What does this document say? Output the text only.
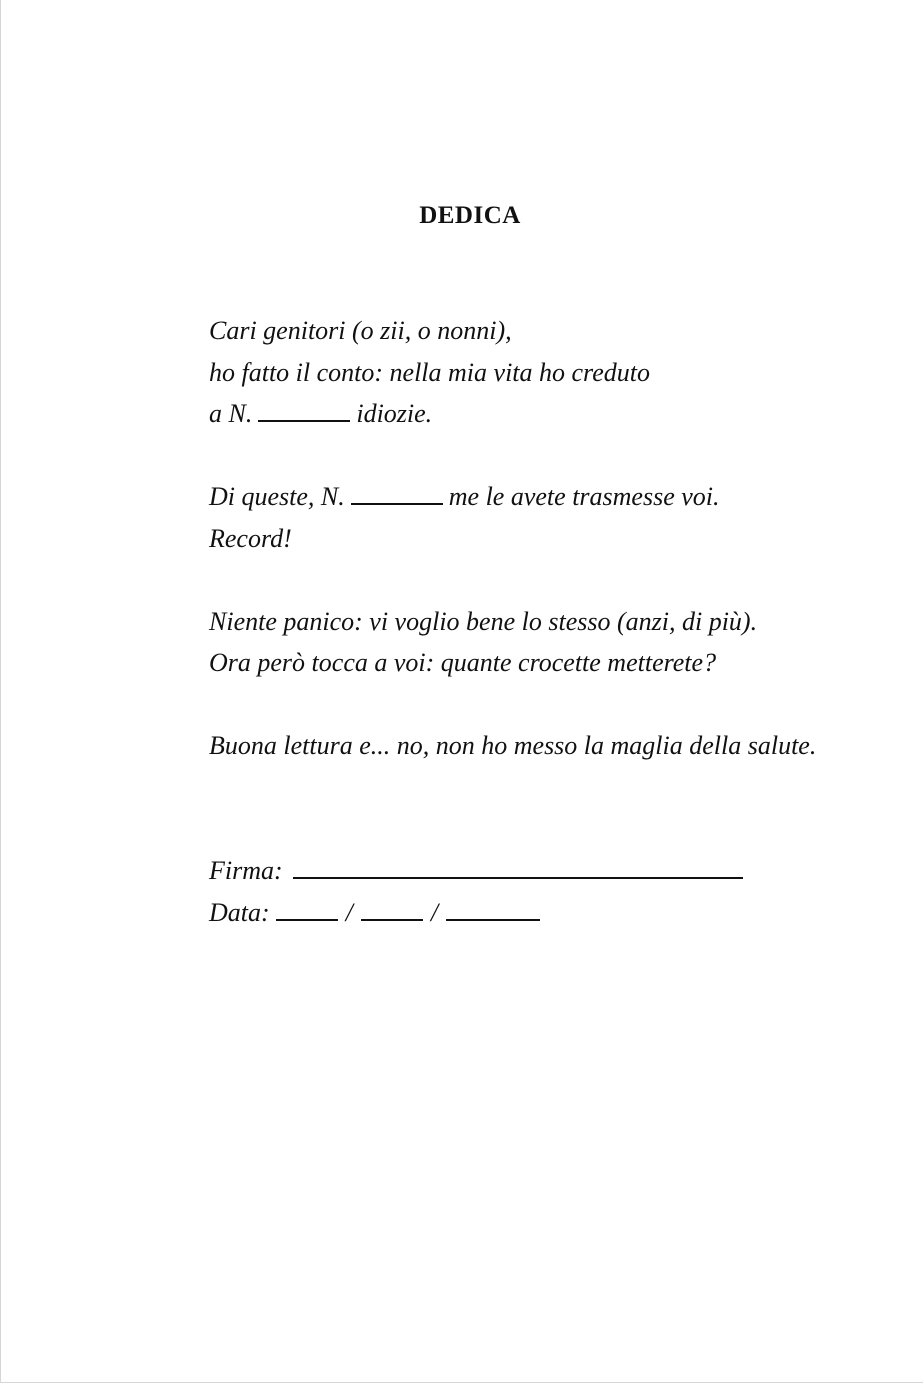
DEDICA
Cari genitori (o zii, o nonni),
ho fatto il conto: nella mia vita ho creduto
a N.	idiozie.
Di queste, N.	me le avete trasmesse voi.
Record!
Niente panico: vi voglio bene lo stesso (anzi, di più).
Ora però tocca a voi: quante crocette metterete?
Buona lettura e... no, non ho messo la maglia della salute.
Firma:
Data:	/	/
